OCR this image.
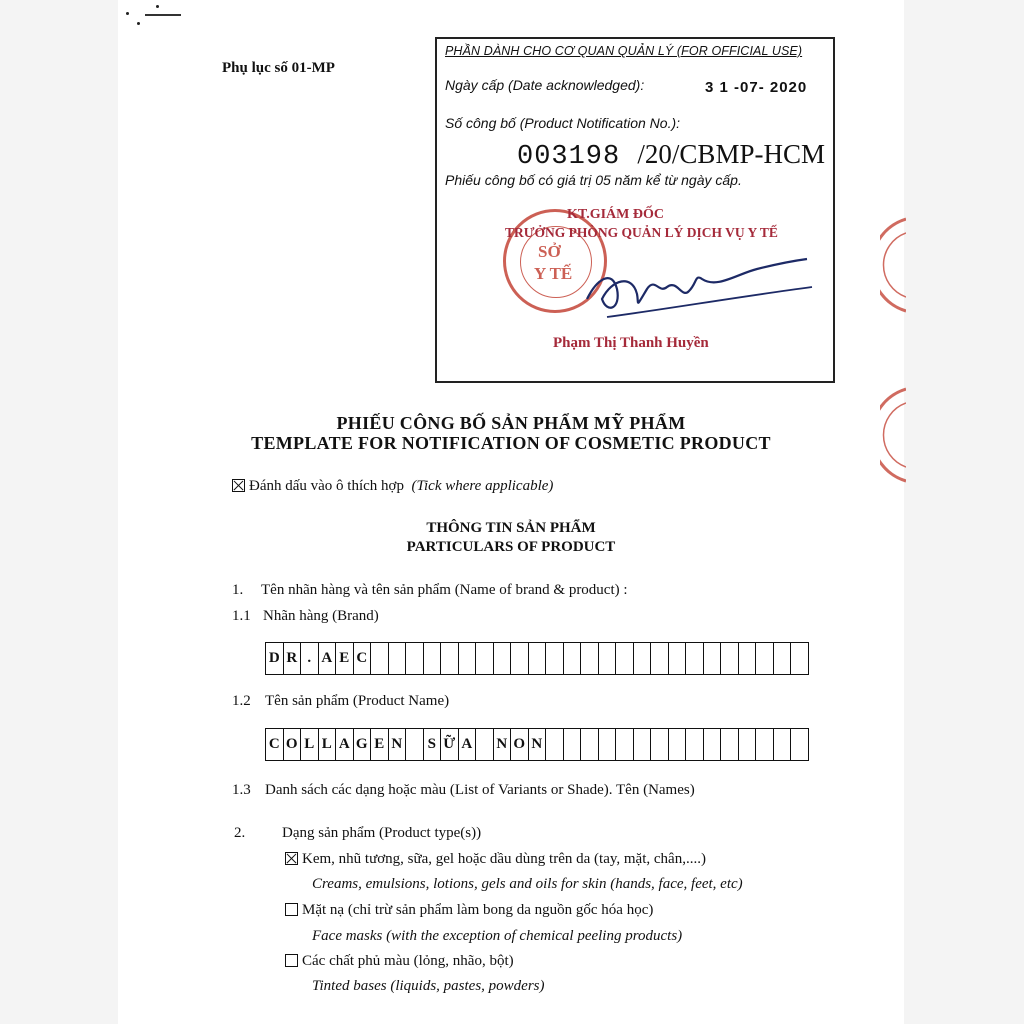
Phụ lục số 01-MP
PHẦN DÀNH CHO CƠ QUAN QUẢN LÝ (FOR OFFICIAL USE)
Ngày cấp (Date acknowledged):	3 1 -07- 2020
Số công bố (Product Notification No.):
003198 /20/CBMP-HCM
Phiếu công bố có giá trị 05 năm kể từ ngày cấp.
SỞ
Y TẾ
KT.GIÁM ĐỐC
TRƯỞNG PHÒNG QUẢN LÝ DỊCH VỤ Y TẾ
Phạm Thị Thanh Huyền
PHIẾU CÔNG BỐ SẢN PHẨM MỸ PHẨM
TEMPLATE FOR NOTIFICATION OF COSMETIC PRODUCT
Đánh dấu vào ô thích hợp (Tick where applicable)
THÔNG TIN SẢN PHẨM
PARTICULARS OF PRODUCT
1. Tên nhãn hàng và tên sản phẩm (Name of brand & product) :
1.1 Nhãn hàng (Brand)
D R . A E C
1.2 Tên sản phẩm (Product Name)
C O L L A G E N S Ữ A N O N
1.3 Danh sách các dạng hoặc màu (List of Variants or Shade). Tên (Names)
2. Dạng sản phẩm (Product type(s))
Kem, nhũ tương, sữa, gel hoặc dầu dùng trên da (tay, mặt, chân,....)
Creams, emulsions, lotions, gels and oils for skin (hands, face, feet, etc)
Mặt nạ (chỉ trừ sản phẩm làm bong da nguồn gốc hóa học)
Face masks (with the exception of chemical peeling products)
Các chất phủ màu (lỏng, nhão, bột)
Tinted bases (liquids, pastes, powders)
